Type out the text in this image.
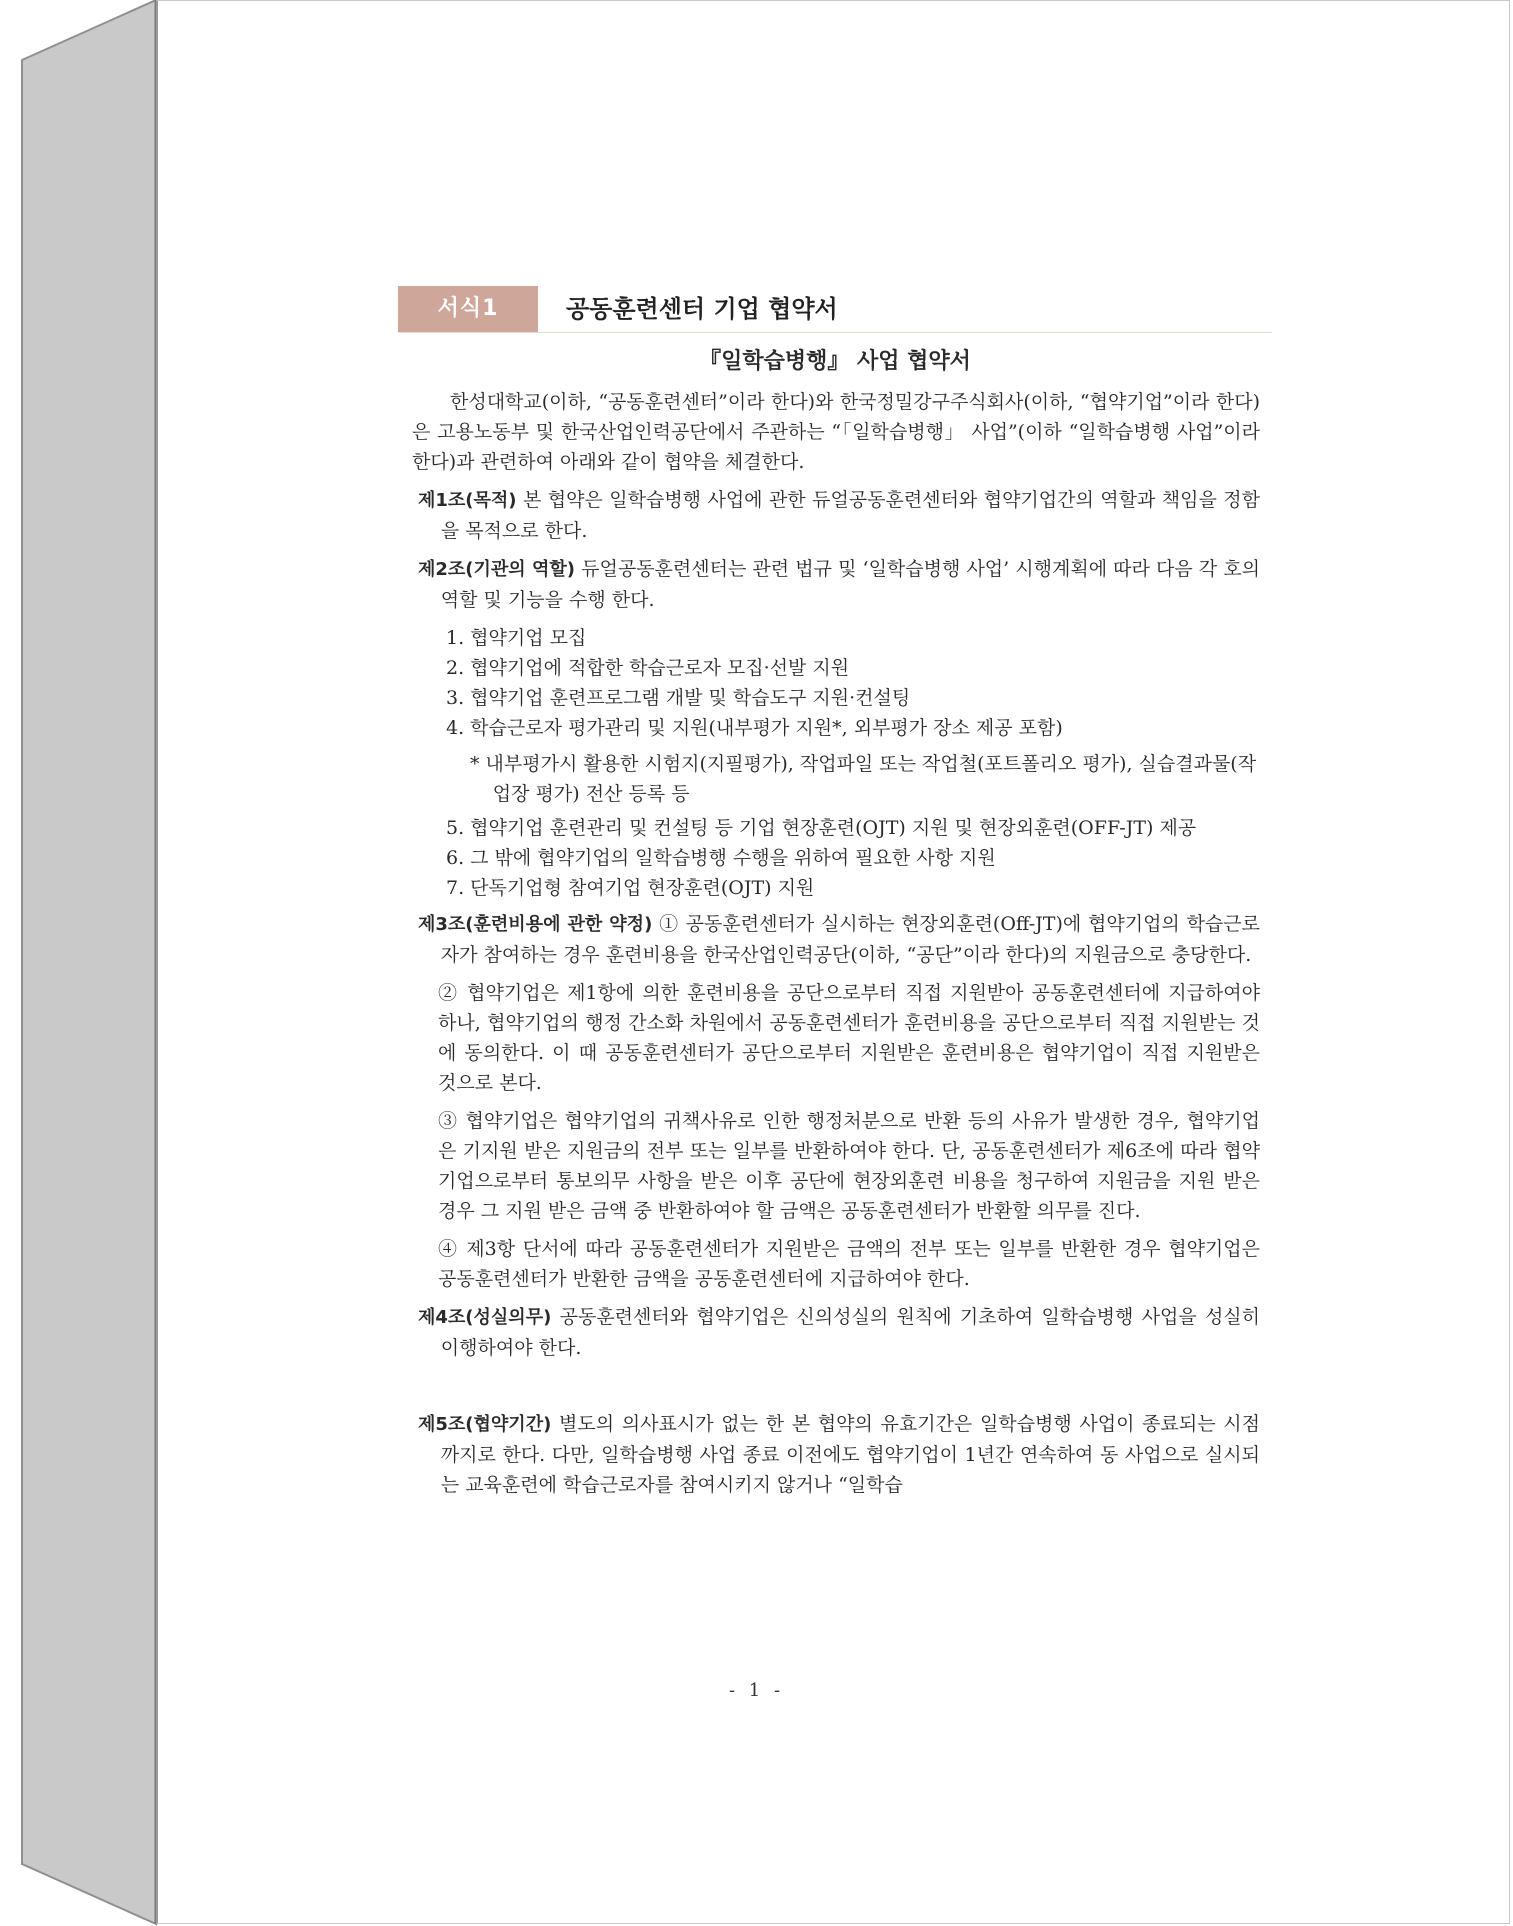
서식1	공동훈련센터 기업 협약서
『일학습병행』 사업 협약서

한성대학교(이하, “공동훈련센터”이라 한다)와 한국정밀강구주식회사(이하, “협약기업”이라 한다)은 고용노동부 및 한국산업인력공단에서 주관하는 “「일학습병행」 사업”(이하 “일학습병행 사업”이라 한다)과 관련하여 아래와 같이 협약을 체결한다.

제1조(목적) 본 협약은 일학습병행 사업에 관한 듀얼공동훈련센터와 협약기업간의 역할과 책임을 정함을 목적으로 한다.

제2조(기관의 역할) 듀얼공동훈련센터는 관련 법규 및 ‘일학습병행 사업’ 시행계획에 따라 다음 각 호의 역할 및 기능을 수행 한다.

1. 협약기업 모집
2. 협약기업에 적합한 학습근로자 모집·선발 지원
3. 협약기업 훈련프로그램 개발 및 학습도구 지원·컨설팅
4. 학습근로자 평가관리 및 지원(내부평가 지원*, 외부평가 장소 제공 포함)

* 내부평가시 활용한 시험지(지필평가), 작업파일 또는 작업철(포트폴리오 평가), 실습결과물(작업장 평가) 전산 등록 등

5. 협약기업 훈련관리 및 컨설팅 등 기업 현장훈련(OJT) 지원 및 현장외훈련(OFF-JT) 제공
6. 그 밖에 협약기업의 일학습병행 수행을 위하여 필요한 사항 지원
7. 단독기업형 참여기업 현장훈련(OJT) 지원

제3조(훈련비용에 관한 약정) ① 공동훈련센터가 실시하는 현장외훈련(Off-JT)에 협약기업의 학습근로자가 참여하는 경우 훈련비용을 한국산업인력공단(이하, “공단”이라 한다)의 지원금으로 충당한다.

② 협약기업은 제1항에 의한 훈련비용을 공단으로부터 직접 지원받아 공동훈련센터에 지급하여야 하나, 협약기업의 행정 간소화 차원에서 공동훈련센터가 훈련비용을 공단으로부터 직접 지원받는 것에 동의한다. 이 때 공동훈련센터가 공단으로부터 지원받은 훈련비용은 협약기업이 직접 지원받은 것으로 본다.

③ 협약기업은 협약기업의 귀책사유로 인한 행정처분으로 반환 등의 사유가 발생한 경우, 협약기업은 기지원 받은 지원금의 전부 또는 일부를 반환하여야 한다. 단, 공동훈련센터가 제6조에 따라 협약기업으로부터 통보의무 사항을 받은 이후 공단에 현장외훈련 비용을 청구하여 지원금을 지원 받은 경우 그 지원 받은 금액 중 반환하여야 할 금액은 공동훈련센터가 반환할 의무를 진다.

④ 제3항 단서에 따라 공동훈련센터가 지원받은 금액의 전부 또는 일부를 반환한 경우 협약기업은 공동훈련센터가 반환한 금액을 공동훈련센터에 지급하여야 한다.

제4조(성실의무) 공동훈련센터와 협약기업은 신의성실의 원칙에 기초하여 일학습병행 사업을 성실히 이행하여야 한다.

제5조(협약기간) 별도의 의사표시가 없는 한 본 협약의 유효기간은 일학습병행 사업이 종료되는 시점까지로 한다. 다만, 일학습병행 사업 종료 이전에도 협약기업이 1년간 연속하여 동 사업으로 실시되는 교육훈련에 학습근로자를 참여시키지 않거나 “일학습

- 1 -
